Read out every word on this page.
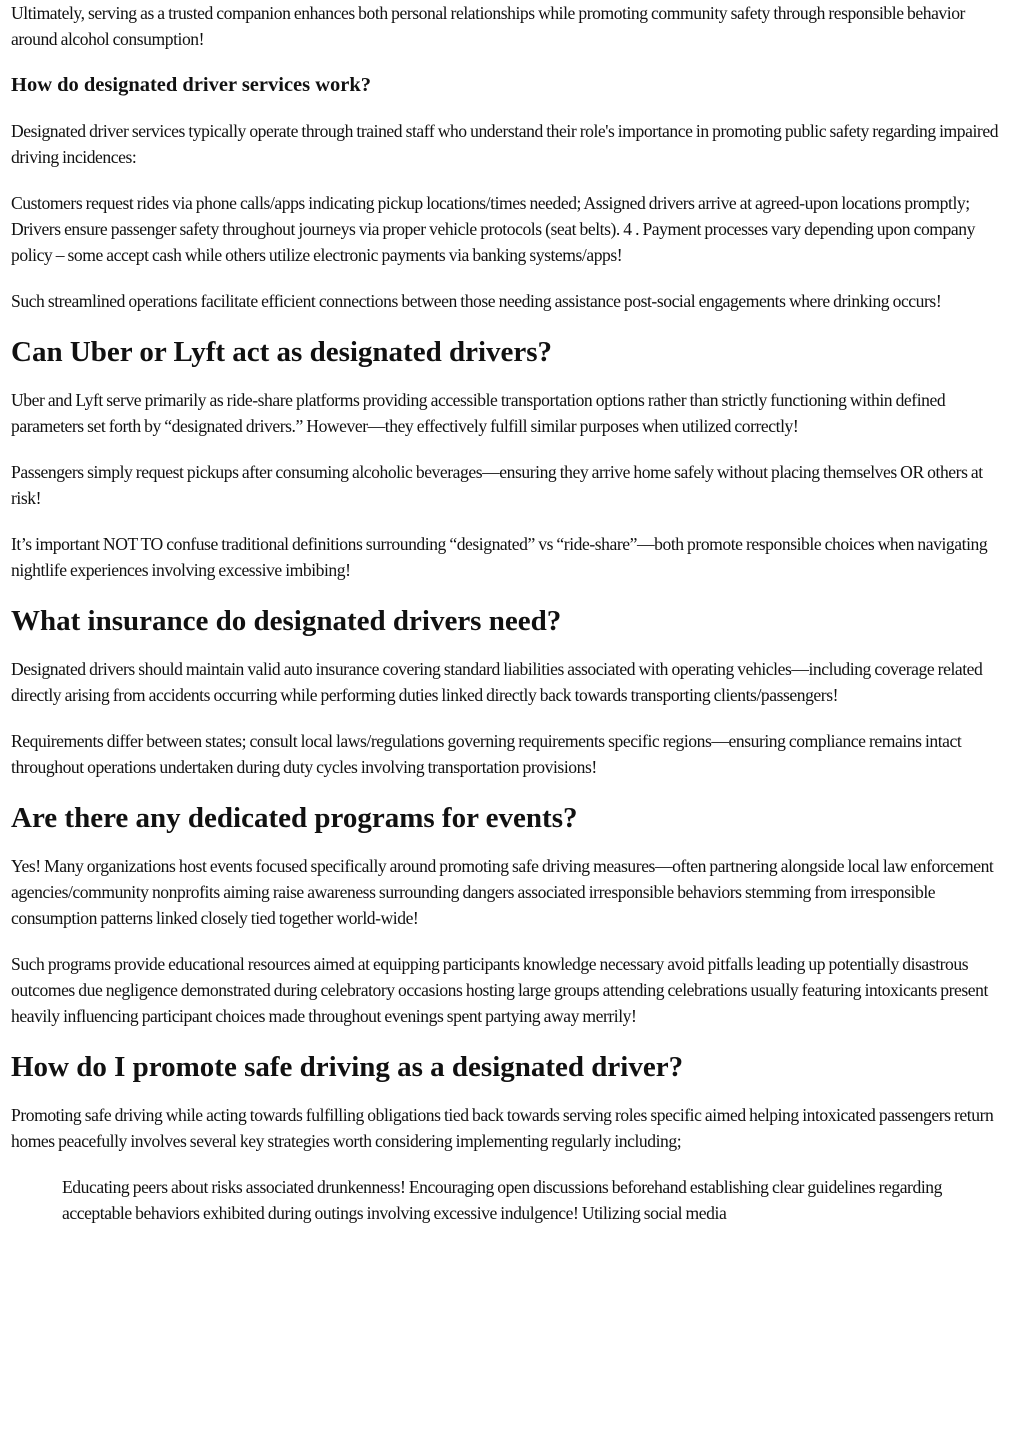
Ultimately, serving as a trusted companion enhances both personal relationships while promoting community safety through responsible behavior around alcohol consumption!

How do designated driver services work?

Designated driver services typically operate through trained staff who understand their role's importance in promoting public safety regarding impaired driving incidences:

Customers request rides via phone calls/apps indicating pickup locations/times needed; Assigned drivers arrive at agreed-upon locations promptly; Drivers ensure passenger safety throughout journeys via proper vehicle protocols (seat belts). 4 . Payment processes vary depending upon company policy – some accept cash while others utilize electronic payments via banking systems/apps!

Such streamlined operations facilitate efficient connections between those needing assistance post-social engagements where drinking occurs!

Can Uber or Lyft act as designated drivers?

Uber and Lyft serve primarily as ride-share platforms providing accessible transportation options rather than strictly functioning within defined parameters set forth by “designated drivers.” However—they effectively fulfill similar purposes when utilized correctly!

Passengers simply request pickups after consuming alcoholic beverages—ensuring they arrive home safely without placing themselves OR others at risk!

It’s important NOT TO confuse traditional definitions surrounding “designated” vs “ride-share”—both promote responsible choices when navigating nightlife experiences involving excessive imbibing!

What insurance do designated drivers need?

Designated drivers should maintain valid auto insurance covering standard liabilities associated with operating vehicles—including coverage related directly arising from accidents occurring while performing duties linked directly back towards transporting clients/passengers!

Requirements differ between states; consult local laws/regulations governing requirements specific regions—ensuring compliance remains intact throughout operations undertaken during duty cycles involving transportation provisions!

Are there any dedicated programs for events?

Yes! Many organizations host events focused specifically around promoting safe driving measures—often partnering alongside local law enforcement agencies/community nonprofits aiming raise awareness surrounding dangers associated irresponsible behaviors stemming from irresponsible consumption patterns linked closely tied together world-wide!

Such programs provide educational resources aimed at equipping participants knowledge necessary avoid pitfalls leading up potentially disastrous outcomes due negligence demonstrated during celebratory occasions hosting large groups attending celebrations usually featuring intoxicants present heavily influencing participant choices made throughout evenings spent partying away merrily!

How do I promote safe driving as a designated driver?

Promoting safe driving while acting towards fulfilling obligations tied back towards serving roles specific aimed helping intoxicated passengers return homes peacefully involves several key strategies worth considering implementing regularly including;

Educating peers about risks associated drunkenness! Encouraging open discussions beforehand establishing clear guidelines regarding acceptable behaviors exhibited during outings involving excessive indulgence! Utilizing social media
